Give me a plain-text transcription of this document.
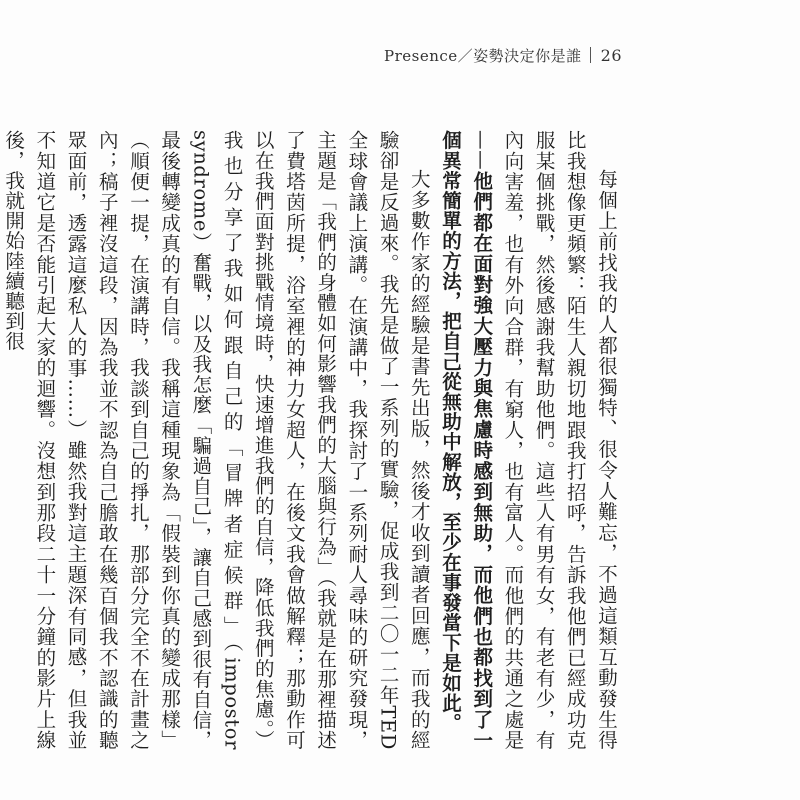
Presence／姿勢決定你是誰 26

每個上前找我的人都很獨特、很令人難忘，不過這類互動發生得比我想像更頻繁：陌生人親切地跟我打招呼，告訴我他們已經成功克服某個挑戰，然後感謝我幫助他們。這些人有男有女，有老有少，有內向害羞，也有外向合群，有窮人，也有富人。而他們的共通之處是——他們都在面對強大壓力與焦慮時感到無助，而他們也都找到了一個異常簡單的方法，把自己從無助中解放，至少在事發當下是如此。

大多數作家的經驗是書先出版，然後才收到讀者回應，而我的經驗卻是反過來。我先是做了一系列的實驗，促成我到二〇一二年TED全球會議上演講。在演講中，我探討了一系列耐人尋味的研究發現，主題是「我們的身體如何影響我們的大腦與行為」（我就是在那裡描述了費塔茵所提，浴室裡的神力女超人，在後文我會做解釋；那動作可以在我們面對挑戰情境時，快速增進我們的自信，降低我們的焦慮。）我也分享了我如何跟自己的「冒牌者症候群」（impostor syndrome）奮戰，以及我怎麼「騙過自己」，讓自己感到很有自信，最後轉變成真的有自信。我稱這種現象為「假裝到你真的變成那樣」（順便一提，在演講時，我談到自己的掙扎，那部分完全不在計畫之內；稿子裡沒這段，因為我並不認為自己膽敢在幾百個我不認識的聽眾面前，透露這麼私人的事……）雖然我對這主題深有同感，但我並不知道它是否能引起大家的迴響。沒想到那段二十一分鐘的影片上線後，我就開始陸續聽到很
